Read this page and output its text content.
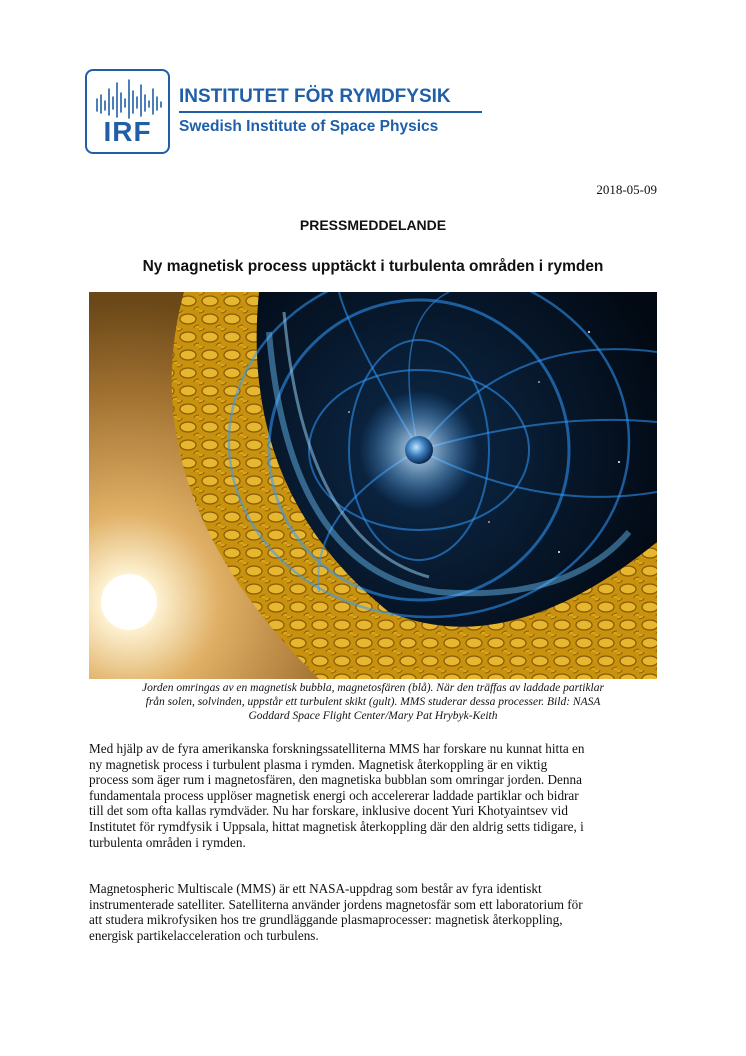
IRF
INSTITUTET FÖR RYMDFYSIK
Swedish Institute of Space Physics
2018-05-09
PRESSMEDDELANDE
Ny magnetisk process upptäckt i turbulenta områden i rymden
Jorden omringas av en magnetisk bubbla, magnetosfären (blå). När den träffas av laddade partiklar
från solen, solvinden, uppstår ett turbulent skikt (gult). MMS studerar dessa processer. Bild: NASA
Goddard Space Flight Center/Mary Pat Hrybyk-Keith
Med hjälp av de fyra amerikanska forskningssatelliterna MMS har forskare nu kunnat hitta en
ny magnetisk process i turbulent plasma i rymden. Magnetisk återkoppling är en viktig
process som äger rum i magnetosfären, den magnetiska bubblan som omringar jorden. Denna
fundamentala process upplöser magnetisk energi och accelererar laddade partiklar och bidrar
till det som ofta kallas rymdväder. Nu har forskare, inklusive docent Yuri Khotyaintsev vid
Institutet för rymdfysik i Uppsala, hittat magnetisk återkoppling där den aldrig setts tidigare, i
turbulenta områden i rymden.
Magnetospheric Multiscale (MMS) är ett NASA-uppdrag som består av fyra identiskt
instrumenterade satelliter. Satelliterna använder jordens magnetosfär som ett laboratorium för
att studera mikrofysiken hos tre grundläggande plasmaprocesser: magnetisk återkoppling,
energisk partikelacceleration och turbulens.
